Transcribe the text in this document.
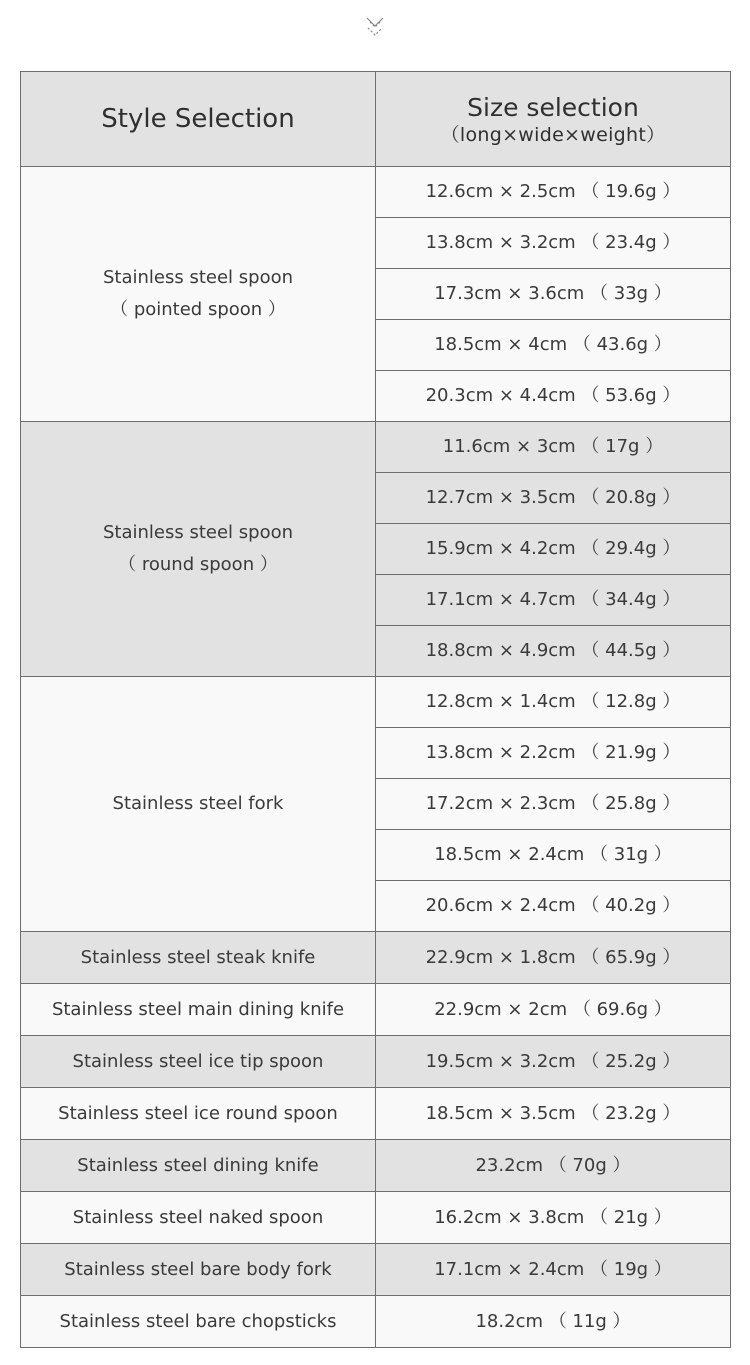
Style Selection	Size selection
（long×wide×weight）

Stainless steel spoon
（ pointed spoon ）	12.6cm × 2.5cm （ 19.6g ）
	13.8cm × 3.2cm （ 23.4g ）
	17.3cm × 3.6cm （ 33g ）
	18.5cm × 4cm （ 43.6g ）
	20.3cm × 4.4cm （ 53.6g ）

Stainless steel spoon
（ round spoon ）	11.6cm × 3cm （ 17g ）
	12.7cm × 3.5cm （ 20.8g ）
	15.9cm × 4.2cm （ 29.4g ）
	17.1cm × 4.7cm （ 34.4g ）
	18.8cm × 4.9cm （ 44.5g ）

Stainless steel fork	12.8cm × 1.4cm （ 12.8g ）
	13.8cm × 2.2cm （ 21.9g ）
	17.2cm × 2.3cm （ 25.8g ）
	18.5cm × 2.4cm （ 31g ）
	20.6cm × 2.4cm （ 40.2g ）
Stainless steel steak knife	22.9cm × 1.8cm （ 65.9g ）
Stainless steel main dining knife	22.9cm × 2cm （ 69.6g ）
Stainless steel ice tip spoon	19.5cm × 3.2cm （ 25.2g ）
Stainless steel ice round spoon	18.5cm × 3.5cm （ 23.2g ）
Stainless steel dining knife	23.2cm （ 70g ）
Stainless steel naked spoon	16.2cm × 3.8cm （ 21g ）
Stainless steel bare body fork	17.1cm × 2.4cm （ 19g ）
Stainless steel bare chopsticks	18.2cm （ 11g ）
